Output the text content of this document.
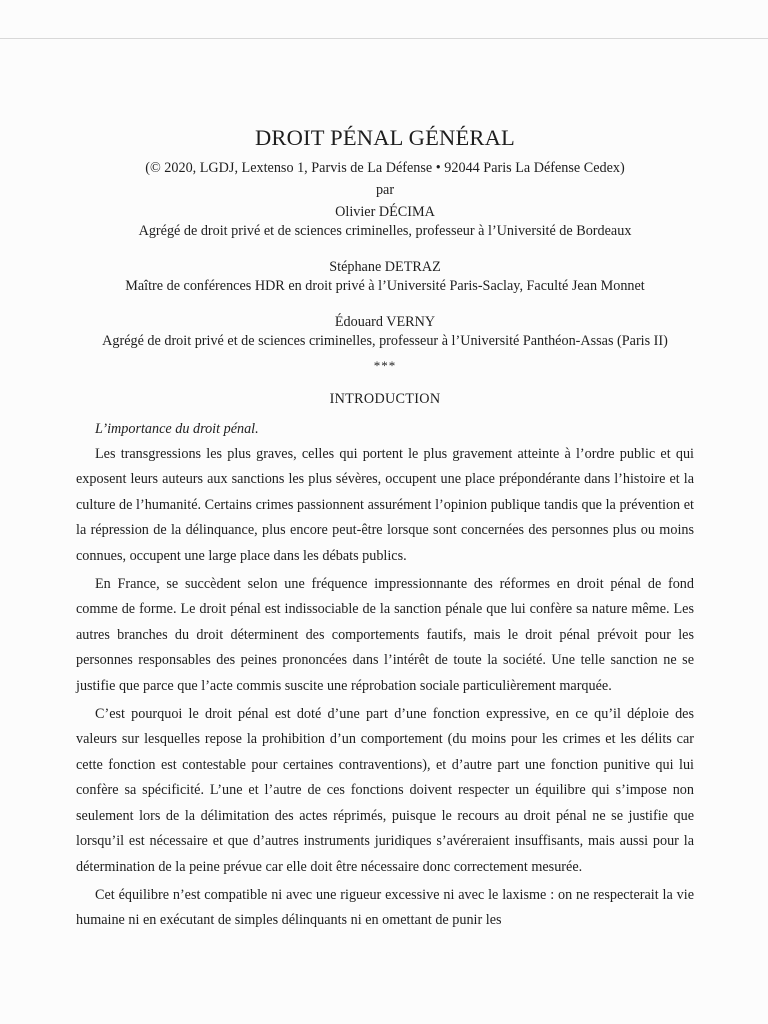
DROIT PÉNAL GÉNÉRAL

(© 2020, LGDJ, Lextenso 1, Parvis de La Défense • 92044 Paris La Défense Cedex)

par

Olivier DÉCIMA

Agrégé de droit privé et de sciences criminelles, professeur à l’Université de Bordeaux

Stéphane DETRAZ

Maître de conférences HDR en droit privé à l’Université Paris-Saclay, Faculté Jean Monnet

Édouard VERNY

Agrégé de droit privé et de sciences criminelles, professeur à l’Université Panthéon-Assas (Paris II)

***

INTRODUCTION

L’importance du droit pénal.

Les transgressions les plus graves, celles qui portent le plus gravement atteinte à l’ordre public et qui exposent leurs auteurs aux sanctions les plus sévères, occupent une place prépondérante dans l’histoire et la culture de l’humanité. Certains crimes passionnent assurément l’opinion publique tandis que la prévention et la répression de la délinquance, plus encore peut-être lorsque sont concernées des personnes plus ou moins connues, occupent une large place dans les débats publics.

En France, se succèdent selon une fréquence impressionnante des réformes en droit pénal de fond comme de forme. Le droit pénal est indissociable de la sanction pénale que lui confère sa nature même. Les autres branches du droit déterminent des comportements fautifs, mais le droit pénal prévoit pour les personnes responsables des peines prononcées dans l’intérêt de toute la société. Une telle sanction ne se justifie que parce que l’acte commis suscite une réprobation sociale particulièrement marquée.

C’est pourquoi le droit pénal est doté d’une part d’une fonction expressive, en ce qu’il déploie des valeurs sur lesquelles repose la prohibition d’un comportement (du moins pour les crimes et les délits car cette fonction est contestable pour certaines contraventions), et d’autre part une fonction punitive qui lui confère sa spécificité. L’une et l’autre de ces fonctions doivent respecter un équilibre qui s’impose non seulement lors de la délimitation des actes réprimés, puisque le recours au droit pénal ne se justifie que lorsqu’il est nécessaire et que d’autres instruments juridiques s’avéreraient insuffisants, mais aussi pour la détermination de la peine prévue car elle doit être nécessaire donc correctement mesurée.

Cet équilibre n’est compatible ni avec une rigueur excessive ni avec le laxisme : on ne respecterait la vie humaine ni en exécutant de simples délinquants ni en omettant de punir les
